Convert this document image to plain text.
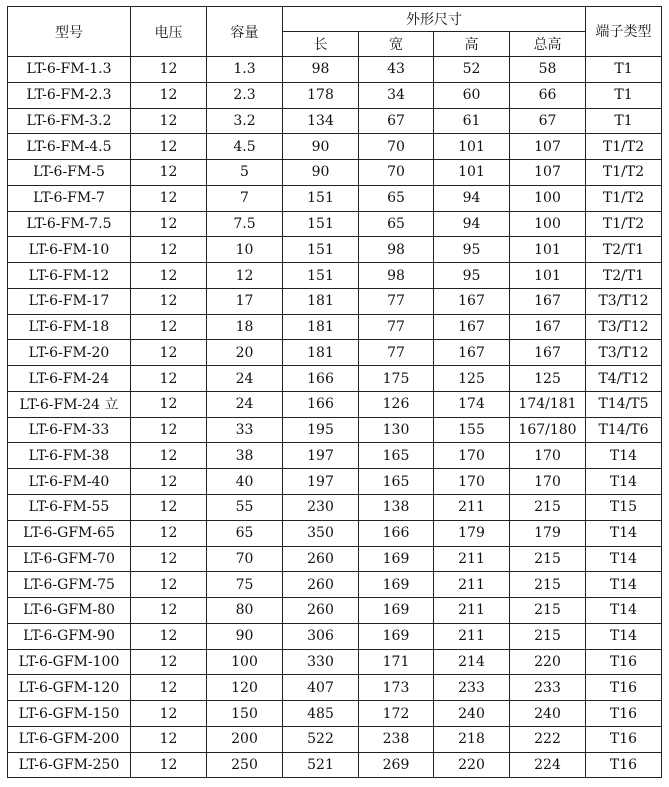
型号	电压	容量	外形尺寸				端子类型
			长	宽	高	总高	
LT-6-FM-1.3	12	1.3	98	43	52	58	T1
LT-6-FM-2.3	12	2.3	178	34	60	66	T1
LT-6-FM-3.2	12	3.2	134	67	61	67	T1
LT-6-FM-4.5	12	4.5	90	70	101	107	T1/T2
LT-6-FM-5	12	5	90	70	101	107	T1/T2
LT-6-FM-7	12	7	151	65	94	100	T1/T2
LT-6-FM-7.5	12	7.5	151	65	94	100	T1/T2
LT-6-FM-10	12	10	151	98	95	101	T2/T1
LT-6-FM-12	12	12	151	98	95	101	T2/T1
LT-6-FM-17	12	17	181	77	167	167	T3/T12
LT-6-FM-18	12	18	181	77	167	167	T3/T12
LT-6-FM-20	12	20	181	77	167	167	T3/T12
LT-6-FM-24	12	24	166	175	125	125	T4/T12
LT-6-FM-24 立	12	24	166	126	174	174/181	T14/T5
LT-6-FM-33	12	33	195	130	155	167/180	T14/T6
LT-6-FM-38	12	38	197	165	170	170	T14
LT-6-FM-40	12	40	197	165	170	170	T14
LT-6-FM-55	12	55	230	138	211	215	T15
LT-6-GFM-65	12	65	350	166	179	179	T14
LT-6-GFM-70	12	70	260	169	211	215	T14
LT-6-GFM-75	12	75	260	169	211	215	T14
LT-6-GFM-80	12	80	260	169	211	215	T14
LT-6-GFM-90	12	90	306	169	211	215	T14
LT-6-GFM-100	12	100	330	171	214	220	T16
LT-6-GFM-120	12	120	407	173	233	233	T16
LT-6-GFM-150	12	150	485	172	240	240	T16
LT-6-GFM-200	12	200	522	238	218	222	T16
LT-6-GFM-250	12	250	521	269	220	224	T16
